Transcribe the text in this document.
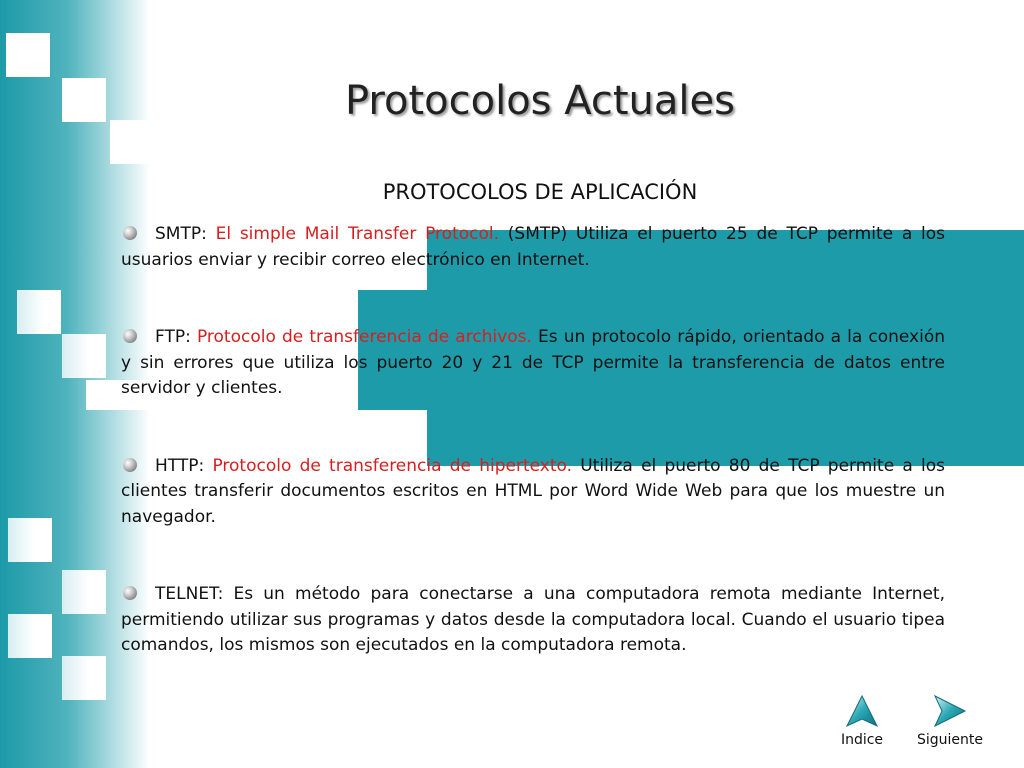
Protocolos Actuales
PROTOCOLOS DE APLICACIÓN

SMTP: El simple Mail Transfer Protocol. (SMTP) Utiliza el puerto 25 de TCP permite a los usuarios enviar y recibir correo electrónico en Internet.

FTP: Protocolo de transferencia de archivos. Es un protocolo rápido, orientado a la conexión y sin errores que utiliza los puerto 20 y 21 de TCP permite la transferencia de datos entre servidor y clientes.

HTTP: Protocolo de transferencia de hipertexto. Utiliza el puerto 80 de TCP permite a los clientes transferir documentos escritos en HTML por Word Wide Web para que los muestre un navegador.

TELNET: Es un método para conectarse a una computadora remota mediante Internet, permitiendo utilizar sus programas y datos desde la computadora local. Cuando el usuario tipea comandos, los mismos son ejecutados en la computadora remota.

Indice	Siguiente
